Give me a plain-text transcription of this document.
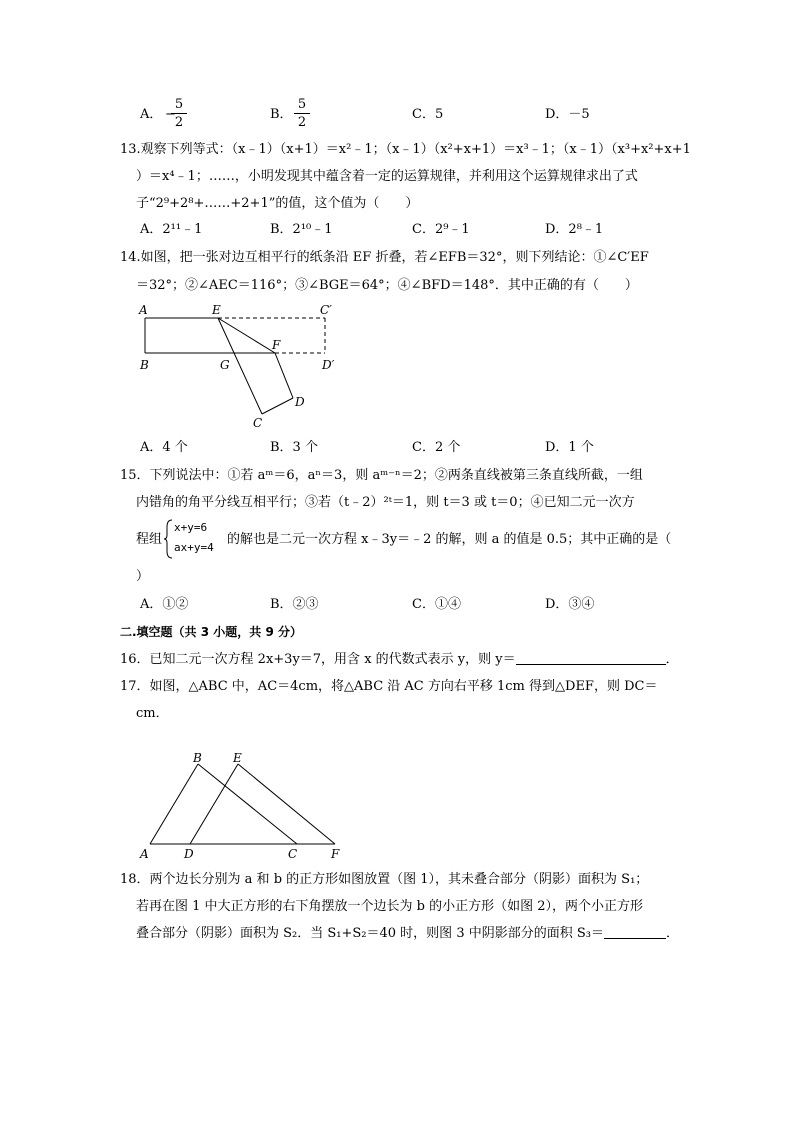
A． −
5
2
B．
5
2
C．5	D．－5
13.观察下列等式：（x﹣1）（x+1）＝x²﹣1；（x﹣1）（x²+x+1）＝x³﹣1；（x﹣1）（x³+x²+x+1
）＝x⁴﹣1；……，小明发现其中蕴含着一定的运算规律，并利用这个运算规律求出了式
子“2⁹+2⁸+……+2+1”的值，这个值为（　　）
A．2¹¹﹣1	B．2¹⁰﹣1	C．2⁹﹣1	D．2⁸﹣1
14.如图，把一张对边互相平行的纸条沿 EF 折叠，若∠EFB＝32°，则下列结论：①∠C′EF
＝32°；②∠AEC＝116°；③∠BGE＝64°；④∠BFD＝148°．其中正确的有（　　）
A	E	C′
B	G
F
D′
D
C
A．4 个	B．3 个	C．2 个	D．1 个
15．下列说法中：①若 aᵐ＝6，aⁿ＝3，则 aᵐ⁻ⁿ＝2；②两条直线被第三条直线所截，一组
内错角的角平分线互相平行；③若（t﹣2）²ᵗ＝1，则 t＝3 或 t＝0；④已知二元一次方
程组
x+y=6
ax+y=4
的解也是二元一次方程 x﹣3y＝﹣2 的解，则 a 的值是 0.5；其中正确的是（
）
A．①②	B．②③	C．①④	D．③④
二.填空题（共 3 小题，共 9 分）
16．已知二元一次方程 2x+3y＝7，用含 x 的代数式表示 y，则 y＝	．
17．如图，△ABC 中，AC＝4cm，将△ABC 沿 AC 方向右平移 1cm 得到△DEF，则 DC＝
cm．
B	E
A	D	C	F
18．两个边长分别为 a 和 b 的正方形如图放置（图 1），其未叠合部分（阴影）面积为 S₁；
若再在图 1 中大正方形的右下角摆放一个边长为 b 的小正方形（如图 2），两个小正方形
叠合部分（阴影）面积为 S₂．当 S₁+S₂＝40 时，则图 3 中阴影部分的面积 S₃＝	．
